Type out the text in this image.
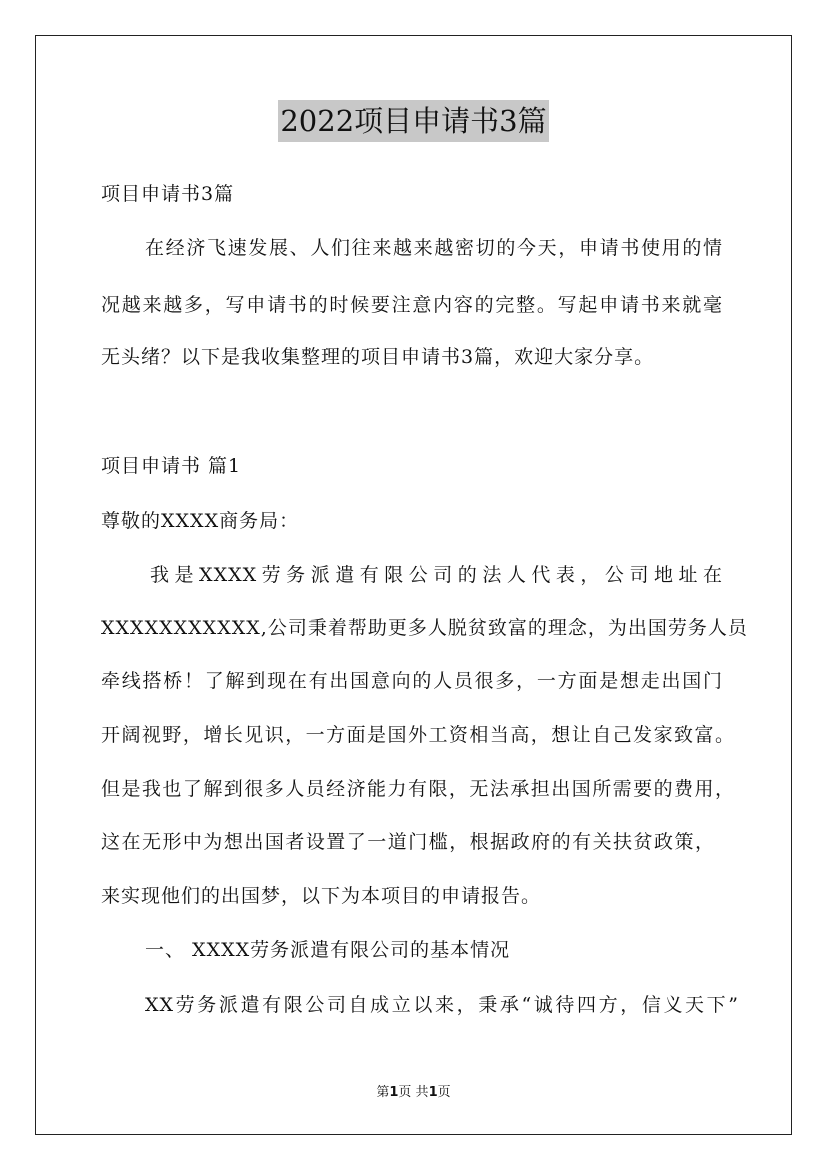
2022项目申请书3篇
项目申请书3篇
在经济飞速发展、人们往来越来越密切的今天，申请书使用的情
况越来越多，写申请书的时候要注意内容的完整。写起申请书来就毫
无头绪？以下是我收集整理的项目申请书3篇，欢迎大家分享。
项目申请书 篇1
尊敬的XXXX商务局：
我是XXXX劳务派遣有限公司的法人代表，公司地址在
XXXXXXXXXXX,公司秉着帮助更多人脱贫致富的理念，为出国劳务人员
牵线搭桥！了解到现在有出国意向的人员很多，一方面是想走出国门
开阔视野，增长见识，一方面是国外工资相当高，想让自己发家致富。
但是我也了解到很多人员经济能力有限，无法承担出国所需要的费用，
这在无形中为想出国者设置了一道门槛，根据政府的有关扶贫政策，
来实现他们的出国梦，以下为本项目的申请报告。
一、 XXXX劳务派遣有限公司的基本情况
XX劳务派遣有限公司自成立以来，秉承“诚待四方，信义天下”
第1页 共1页
